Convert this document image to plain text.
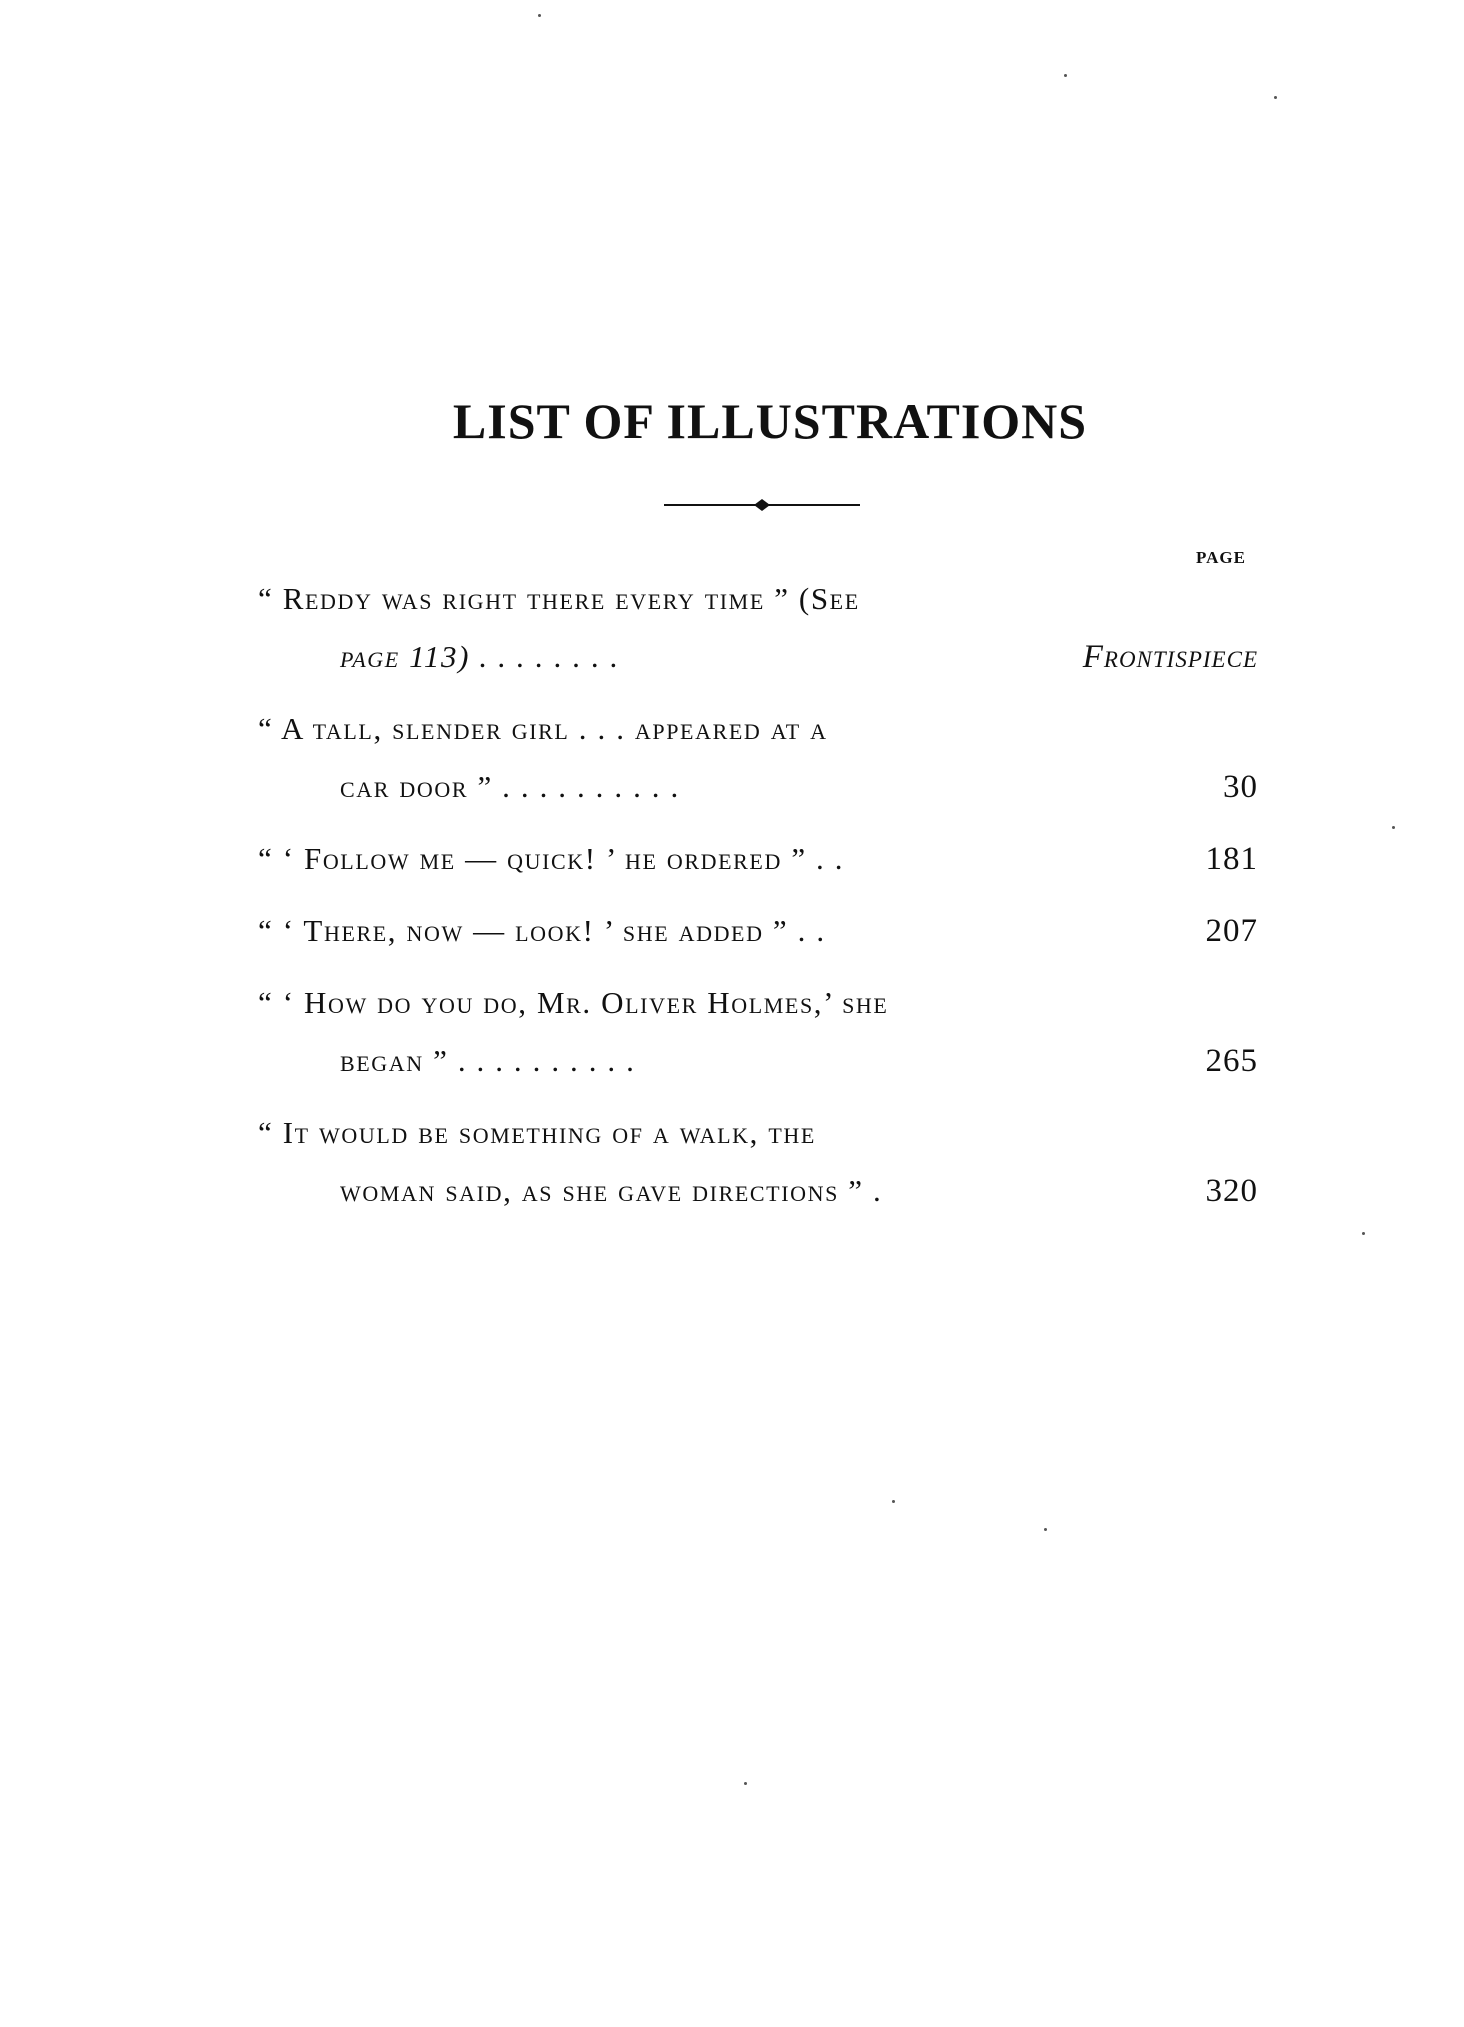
LIST OF ILLUSTRATIONS
PAGE
“ Reddy was right there every time ” (See
page 113) . . . . . . . .	Frontispiece
“ A tall, slender girl . . . appeared at a
car door ” . . . . . . . . . .	30
“ ‘ Follow me — quick! ’ he ordered ” . .	181
“ ‘ There, now — look! ’ she added ” . .	207
“ ‘ How do you do, Mr. Oliver Holmes,’ she
began ” . . . . . . . . . .	265
“ It would be something of a walk, the
woman said, as she gave directions ” .	320
